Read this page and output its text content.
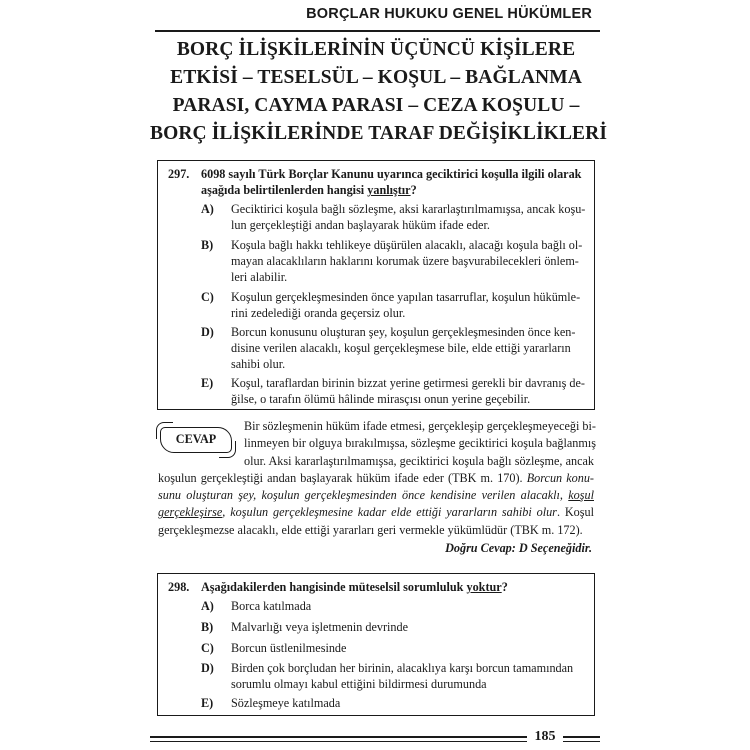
BORÇLAR HUKUKU GENEL HÜKÜMLER
BORÇ İLİŞKİLERİNİN ÜÇÜNCÜ KİŞİLERE
ETKİSİ – TESELSÜL – KOŞUL – BAĞLANMA
PARASI, CAYMA PARASI – CEZA KOŞULU –
BORÇ İLİŞKİLERİNDE TARAF DEĞİŞİKLİKLERİ
297. 6098 sayılı Türk Borçlar Kanunu uyarınca geciktirici koşulla ilgili olarak
aşağıda belirtilenlerden hangisi yanlıştır?
A) Geciktirici koşula bağlı sözleşme, aksi kararlaştırılmamışsa, ancak koşu-
lun gerçekleştiği andan başlayarak hüküm ifade eder.
B) Koşula bağlı hakkı tehlikeye düşürülen alacaklı, alacağı koşula bağlı ol-
mayan alacaklıların haklarını korumak üzere başvurabileceklerі önlem-
leri alabilir.
C) Koşulun gerçekleşmesinden önce yapılan tasarruflar, koşulun hükümle-
rini zedelediği oranda geçersiz olur.
D) Borcun konusunu oluşturan şey, koşulun gerçekleşmesinden önce ken-
disine verilen alacaklı, koşul gerçekleşmese bile, elde ettiği yararların
sahibi olur.
E) Koşul, taraflardan birinin bizzat yerine getirmesi gerekli bir davranış de-
ğilse, o tarafın ölümü hâlinde mirasçısı onun yerine geçebilir.
CEVAP
Bir sözleşmenin hüküm ifade etmesi, gerçekleşip gerçekleşmeyeceği bi-
linmeyen bir olguya bırakılmışsa, sözleşme geciktirici koşula bağlanmış
olur. Aksi kararlaştırılmamışsa, geciktirici koşula bağlı sözleşme, ancak
koşulun gerçekleştiği andan başlayarak hüküm ifade eder (TBK m. 170). Borcun konu-
sunu oluşturan şey, koşulun gerçekleşmesinden önce kendisine verilen alacaklı, koşul
gerçekleşirse, koşulun gerçekleşmesine kadar elde ettiği yararların sahibi olur. Koşul
gerçekleşmezse alacaklı, elde ettiği yararları geri vermekle yükümlüdür (TBK m. 172).
Doğru Cevap: D Seçeneğidir.
298. Aşağıdakilerden hangisinde müteselsil sorumluluk yoktur?
A) Borca katılmada
B) Malvarlığı veya işletmenin devrinde
C) Borcun üstlenilmesinde
D) Birden çok borçludan her birinin, alacaklıya karşı borcun tamamından
sorumlu olmayı kabul ettiğini bildirmesi durumunda
E) Sözleşmeye katılmada
185
